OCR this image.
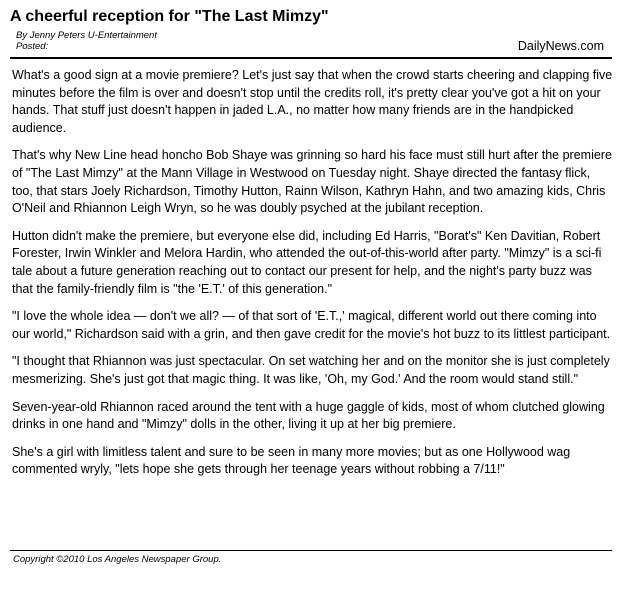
A cheerful reception for "The Last Mimzy"
By Jenny Peters U-Entertainment
Posted:	DailyNews.com

What's a good sign at a movie premiere? Let's just say that when the crowd starts cheering and clapping five minutes before the film is over and doesn't stop until the credits roll, it's pretty clear you've got a hit on your hands. That stuff just doesn't happen in jaded L.A., no matter how many friends are in the handpicked audience.

That's why New Line head honcho Bob Shaye was grinning so hard his face must still hurt after the premiere of "The Last Mimzy" at the Mann Village in Westwood on Tuesday night. Shaye directed the fantasy flick, too, that stars Joely Richardson, Timothy Hutton, Rainn Wilson, Kathryn Hahn, and two amazing kids, Chris O'Neil and Rhiannon Leigh Wryn, so he was doubly psyched at the jubilant reception.

Hutton didn't make the premiere, but everyone else did, including Ed Harris, "Borat's" Ken Davitian, Robert Forester, Irwin Winkler and Melora Hardin, who attended the out-of-this-world after party. "Mimzy" is a sci-fi tale about a future generation reaching out to contact our present for help, and the night's party buzz was that the family-friendly film is "the 'E.T.' of this generation."

"I love the whole idea — don't we all? — of that sort of 'E.T.,' magical, different world out there coming into our world," Richardson said with a grin, and then gave credit for the movie's hot buzz to its littlest participant.

"I thought that Rhiannon was just spectacular. On set watching her and on the monitor she is just completely mesmerizing. She's just got that magic thing. It was like, 'Oh, my God.' And the room would stand still."

Seven-year-old Rhiannon raced around the tent with a huge gaggle of kids, most of whom clutched glowing drinks in one hand and "Mimzy" dolls in the other, living it up at her big premiere.

She's a girl with limitless talent and sure to be seen in many more movies; but as one Hollywood wag commented wryly, "lets hope she gets through her teenage years without robbing a 7/11!"

Copyright ©2010 Los Angeles Newspaper Group.
